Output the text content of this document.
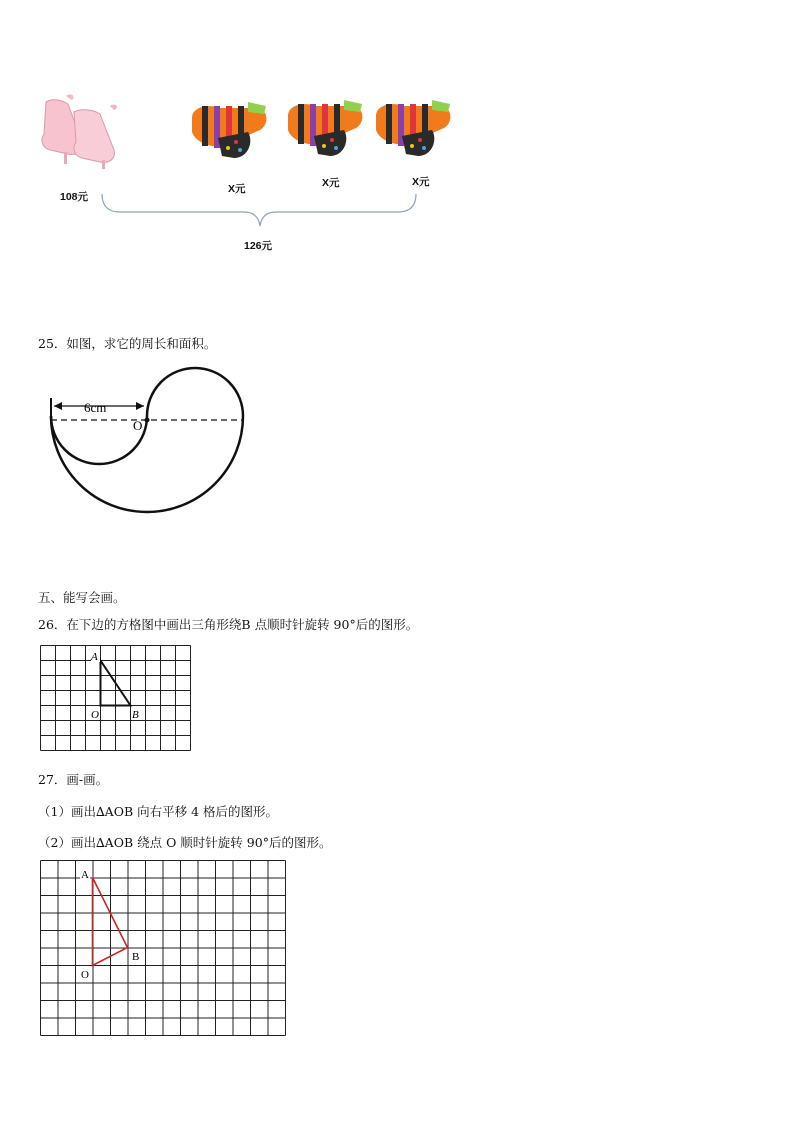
108元
X元	X元	X元
126元
25．如图，求它的周长和面积。
6cm
O
五、能写会画。
26．在下边的方格图中画出三角形绕B 点顺时针旋转 90°后的图形。
A
O	B
27．画-画。
（1）画出∆AOB 向右平移 4 格后的图形。
（2）画出∆AOB 绕点 O 顺时针旋转 90°后的图形。
A
O
B
